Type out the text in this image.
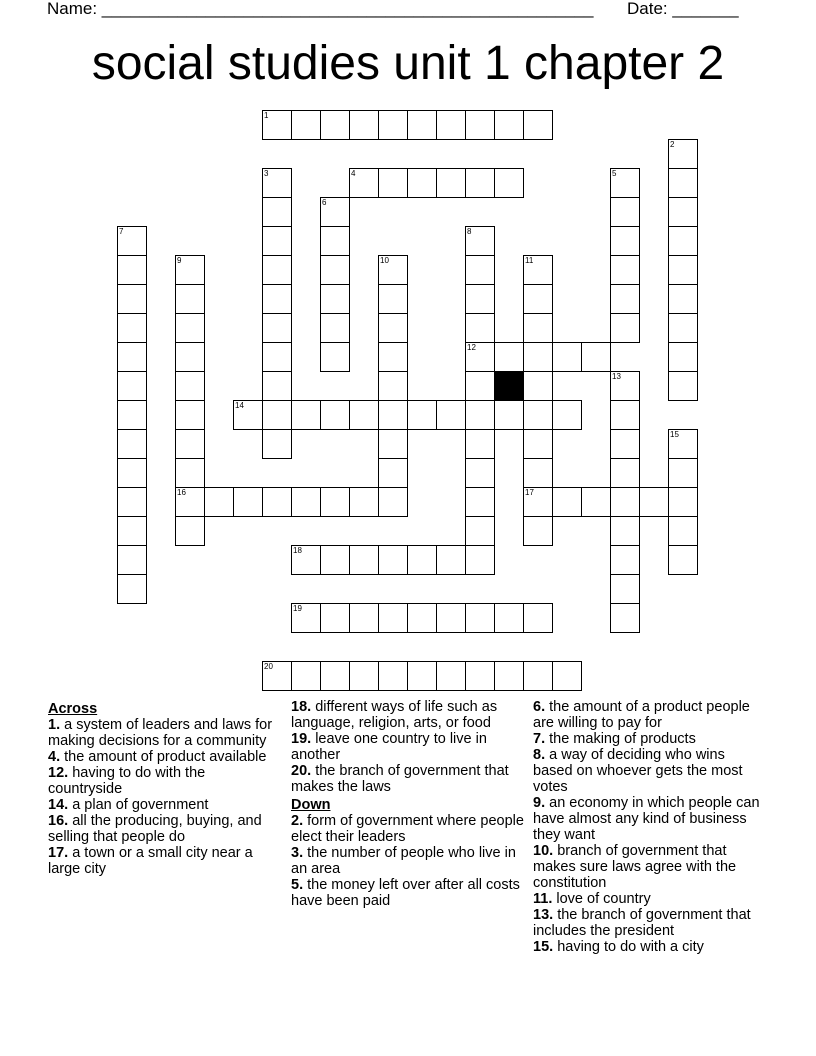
Name: ____________________________________________________ Date: _______
social studies unit 1 chapter 2
1
2
3	4	5
6
7	8
12
9
16
10	11
17
13
14
15
18
19
20
Across
1. a system of leaders and laws for making decisions for a community
4. the amount of product available
12. having to do with the countryside
14. a plan of government
16. all the producing, buying, and selling that people do
17. a town or a small city near a large city
18. different ways of life such as language, religion, arts, or food
19. leave one country to live in another
20. the branch of government that makes the laws
Down
2. form of government where people elect their leaders
3. the number of people who live in an area
5. the money left over after all costs have been paid
6. the amount of a product people are willing to pay for
7. the making of products
8. a way of deciding who wins based on whoever gets the most votes
9. an economy in which people can have almost any kind of business they want
10. branch of government that makes sure laws agree with the constitution
11. love of country
13. the branch of government that includes the president
15. having to do with a city
